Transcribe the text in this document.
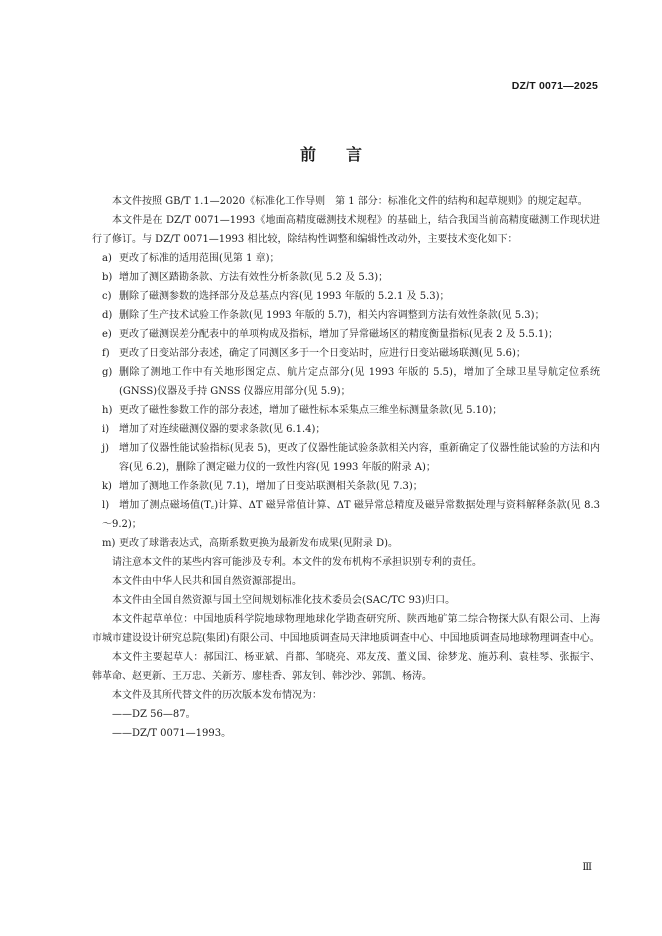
DZ/T 0071—2025
前言

本文件按照 GB/T 1.1—2020《标准化工作导则　第 1 部分：标准化文件的结构和起草规则》的规定起草。

本文件是在 DZ/T 0071—1993《地面高精度磁测技术规程》的基础上，结合我国当前高精度磁测工作现状进行了修订。与 DZ/T 0071—1993 相比较，除结构性调整和编辑性改动外，主要技术变化如下：

a) 更改了标准的适用范围(见第 1 章)；
b) 增加了测区踏勘条款、方法有效性分析条款(见 5.2 及 5.3)；
c) 删除了磁测参数的选择部分及总基点内容(见 1993 年版的 5.2.1 及 5.3)；
d) 删除了生产技术试验工作条款(见 1993 年版的 5.7)，相关内容调整到方法有效性条款(见 5.3)；
e) 更改了磁测误差分配表中的单项构成及指标，增加了异常磁场区的精度衡量指标(见表 2 及 5.5.1)；
f) 更改了日变站部分表述，确定了同测区多于一个日变站时，应进行日变站磁场联测(见 5.6)；
g) 删除了测地工作中有关地形图定点、航片定点部分(见 1993 年版的 5.5)，增加了全球卫星导航定位系统(GNSS)仪器及手持 GNSS 仪器应用部分(见 5.9)；
h) 更改了磁性参数工作的部分表述，增加了磁性标本采集点三维坐标测量条款(见 5.10)；
i) 增加了对连续磁测仪器的要求条款(见 6.1.4)；
j) 增加了仪器性能试验指标(见表 5)，更改了仪器性能试验条款相关内容，重新确定了仪器性能试验的方法和内容(见 6.2)，删除了测定磁力仪的一致性内容(见 1993 年版的附录 A)；
k) 增加了测地工作条款(见 7.1)，增加了日变站联测相关条款(见 7.3)；
l) 增加了测点磁场值(T꜀)计算、ΔT 磁异常值计算、ΔT 磁异常总精度及磁异常数据处理与资料解释条款(见 8.3～9.2)；
m) 更改了球谐表达式，高斯系数更换为最新发布成果(见附录 D)。

请注意本文件的某些内容可能涉及专利。本文件的发布机构不承担识别专利的责任。

本文件由中华人民共和国自然资源部提出。

本文件由全国自然资源与国土空间规划标准化技术委员会(SAC/TC 93)归口。

本文件起草单位：中国地质科学院地球物理地球化学勘查研究所、陕西地矿第二综合物探大队有限公司、上海市城市建设设计研究总院(集团)有限公司、中国地质调查局天津地质调查中心、中国地质调查局地球物理调查中心。

本文件主要起草人：郝国江、杨亚斌、肖都、邹晓亮、邓友茂、董义国、徐梦龙、施苏利、袁桂琴、张振宇、韩革命、赵更新、王万忠、关新芳、廖桂香、郭友钊、韩沙沙、郭凯、杨涛。

本文件及其所代替文件的历次版本发布情况为：

——DZ 56—87。

——DZ/T 0071—1993。

Ⅲ
